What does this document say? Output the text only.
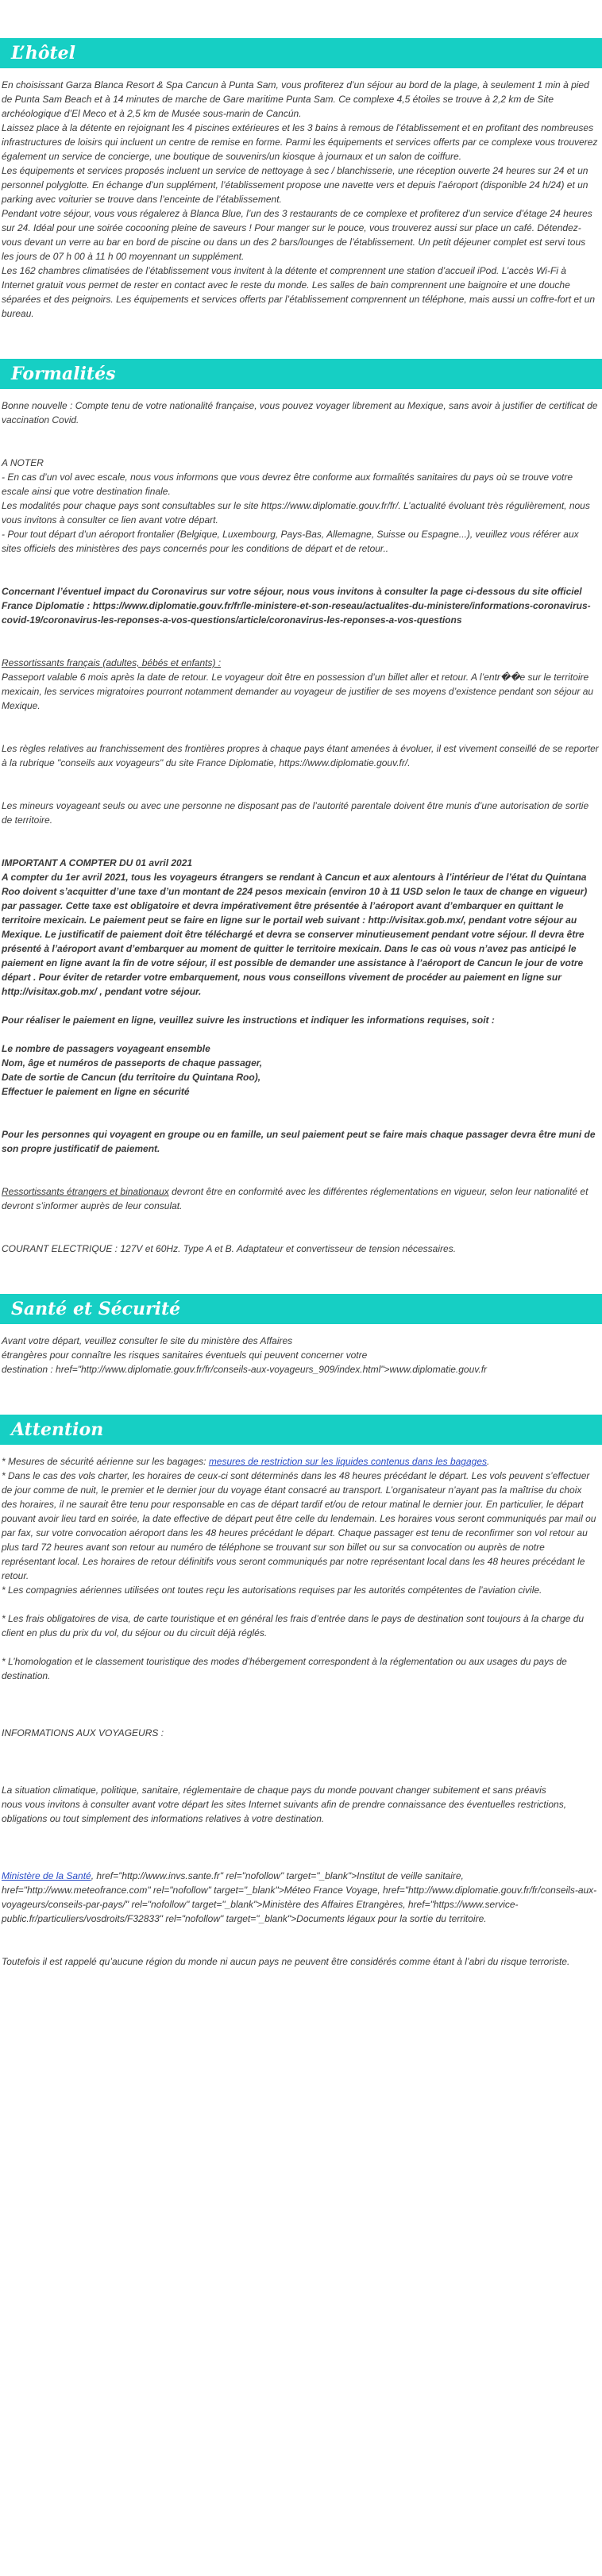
L’hôtel

En choisissant Garza Blanca Resort & Spa Cancun à Punta Sam, vous profiterez d’un séjour au bord de la plage, à seulement 1 min à pied de Punta Sam Beach et à 14 minutes de marche de Gare maritime Punta Sam. Ce complexe 4,5 étoiles se trouve à 2,2 km de Site archéologique d’El Meco et à 2,5 km de Musée sous-marin de Cancún.

Laissez place à la détente en rejoignant les 4 piscines extérieures et les 3 bains à remous de l’établissement et en profitant des nombreuses infrastructures de loisirs qui incluent un centre de remise en forme. Parmi les équipements et services offerts par ce complexe vous trouverez également un service de concierge, une boutique de souvenirs/un kiosque à journaux et un salon de coiffure.

Les équipements et services proposés incluent un service de nettoyage à sec / blanchisserie, une réception ouverte 24 heures sur 24 et un personnel polyglotte. En échange d’un supplément, l’établissement propose une navette vers et depuis l’aéroport (disponible 24 h/24) et un parking avec voiturier se trouve dans l’enceinte de l’établissement.

Pendant votre séjour, vous vous régalerez à Blanca Blue, l’un des 3 restaurants de ce complexe et profiterez d’un service d’étage 24 heures sur 24. Idéal pour une soirée cocooning pleine de saveurs ! Pour manger sur le pouce, vous trouverez aussi sur place un café. Détendez-vous devant un verre au bar en bord de piscine ou dans un des 2 bars/lounges de l’établissement. Un petit déjeuner complet est servi tous les jours de 07 h 00 à 11 h 00 moyennant un supplément.

Les 162 chambres climatisées de l’établissement vous invitent à la détente et comprennent une station d’accueil iPod. L’accès Wi-Fi à Internet gratuit vous permet de rester en contact avec le reste du monde. Les salles de bain comprennent une baignoire et une douche séparées et des peignoirs. Les équipements et services offerts par l’établissement comprennent un téléphone, mais aussi un coffre-fort et un bureau.

Formalités

Bonne nouvelle : Compte tenu de votre nationalité française, vous pouvez voyager librement au Mexique, sans avoir à justifier de certificat de vaccination Covid.

A NOTER

- En cas d’un vol avec escale, nous vous informons que vous devrez être conforme aux formalités sanitaires du pays où se trouve votre escale ainsi que votre destination finale.

Les modalités pour chaque pays sont consultables sur le site https://www.diplomatie.gouv.fr/fr/. L’actualité évoluant très régulièrement, nous vous invitons à consulter ce lien avant votre départ.

- Pour tout départ d’un aéroport frontalier (Belgique, Luxembourg, Pays-Bas, Allemagne, Suisse ou Espagne...), veuillez vous référer aux sites officiels des ministères des pays concernés pour les conditions de départ et de retour..

Concernant l’éventuel impact du Coronavirus sur votre séjour, nous vous invitons à consulter la page ci-dessous du site officiel France Diplomatie : https://www.diplomatie.gouv.fr/fr/le-ministere-et-son-reseau/actualites-du-ministere/informations-coronavirus-covid-19/coronavirus-les-reponses-a-vos-questions/article/coronavirus-les-reponses-a-vos-questions

Ressortissants français (adultes, bébés et enfants) :

Passeport valable 6 mois après la date de retour. Le voyageur doit être en possession d’un billet aller et retour. A l’entr��e sur le territoire mexicain, les services migratoires pourront notamment demander au voyageur de justifier de ses moyens d’existence pendant son séjour au Mexique.

Les règles relatives au franchissement des frontières propres à chaque pays étant amenées à évoluer, il est vivement conseillé de se reporter à la rubrique "conseils aux voyageurs" du site France Diplomatie, https://www.diplomatie.gouv.fr/.

Les mineurs voyageant seuls ou avec une personne ne disposant pas de l’autorité parentale doivent être munis d’une autorisation de sortie de territoire.

IMPORTANT A COMPTER DU 01 avril 2021

A compter du 1er avril 2021, tous les voyageurs étrangers se rendant à Cancun et aux alentours à l’intérieur de l’état du Quintana Roo doivent s’acquitter d’une taxe d’un montant de 224 pesos mexicain (environ 10 à 11 USD selon le taux de change en vigueur) par passager. Cette taxe est obligatoire et devra impérativement être présentée à l’aéroport avant d’embarquer en quittant le territoire mexicain. Le paiement peut se faire en ligne sur le portail web suivant : http://visitax.gob.mx/, pendant votre séjour au Mexique. Le justificatif de paiement doit être téléchargé et devra se conserver minutieusement pendant votre séjour. Il devra être présenté à l’aéroport avant d’embarquer au moment de quitter le territoire mexicain. Dans le cas où vous n’avez pas anticipé le paiement en ligne avant la fin de votre séjour, il est possible de demander une assistance à l’aéroport de Cancun le jour de votre départ . Pour éviter de retarder votre embarquement, nous vous conseillons vivement de procéder au paiement en ligne sur http://visitax.gob.mx/ , pendant votre séjour.

Pour réaliser le paiement en ligne, veuillez suivre les instructions et indiquer les informations requises, soit :

Le nombre de passagers voyageant ensemble

Nom, âge et numéros de passeports de chaque passager,

Date de sortie de Cancun (du territoire du Quintana Roo),

Effectuer le paiement en ligne en sécurité

Pour les personnes qui voyagent en groupe ou en famille, un seul paiement peut se faire mais chaque passager devra être muni de son propre justificatif de paiement.

Ressortissants étrangers et binationaux devront être en conformité avec les différentes réglementations en vigueur, selon leur nationalité et devront s’informer auprès de leur consulat.

COURANT ELECTRIQUE : 127V et 60Hz. Type A et B. Adaptateur et convertisseur de tension nécessaires.

Santé et Sécurité

Avant votre départ, veuillez consulter le site du ministère des Affaires

étrangères pour connaître les risques sanitaires éventuels qui peuvent concerner votre

destination : href="http://www.diplomatie.gouv.fr/fr/conseils-aux-voyageurs_909/index.html">www.diplomatie.gouv.fr

Attention

* Mesures de sécurité aérienne sur les bagages: mesures de restriction sur les liquides contenus dans les bagages.

* Dans le cas des vols charter, les horaires de ceux-ci sont déterminés dans les 48 heures précédant le départ. Les vols peuvent s’effectuer de jour comme de nuit, le premier et le dernier jour du voyage étant consacré au transport. L’organisateur n’ayant pas la maîtrise du choix des horaires, il ne saurait être tenu pour responsable en cas de départ tardif et/ou de retour matinal le dernier jour. En particulier, le départ pouvant avoir lieu tard en soirée, la date effective de départ peut être celle du lendemain. Les horaires vous seront communiqués par mail ou par fax, sur votre convocation aéroport dans les 48 heures précédant le départ. Chaque passager est tenu de reconfirmer son vol retour au plus tard 72 heures avant son retour au numéro de téléphone se trouvant sur son billet ou sur sa convocation ou auprès de notre représentant local. Les horaires de retour définitifs vous seront communiqués par notre représentant local dans les 48 heures précédant le retour.

* Les compagnies aériennes utilisées ont toutes reçu les autorisations requises par les autorités compétentes de l’aviation civile.

* Les frais obligatoires de visa, de carte touristique et en général les frais d’entrée dans le pays de destination sont toujours à la charge du client en plus du prix du vol, du séjour ou du circuit déjà réglés.

* L’homologation et le classement touristique des modes d’hébergement correspondent à la réglementation ou aux usages du pays de destination.

INFORMATIONS AUX VOYAGEURS :

La situation climatique, politique, sanitaire, réglementaire de chaque pays du monde pouvant changer subitement et sans préavis

nous vous invitons à consulter avant votre départ les sites Internet suivants afin de prendre connaissance des éventuelles restrictions, obligations ou tout simplement des informations relatives à votre destination.

Ministère de la Santé, href="http://www.invs.sante.fr" rel="nofollow" target="_blank">Institut de veille sanitaire, href="http://www.meteofrance.com" rel="nofollow" target="_blank">Méteo France Voyage, href="http://www.diplomatie.gouv.fr/fr/conseils-aux-voyageurs/conseils-par-pays/" rel="nofollow" target="_blank">Ministère des Affaires Etrangères, href="https://www.service-public.fr/particuliers/vosdroits/F32833" rel="nofollow" target="_blank">Documents légaux pour la sortie du territoire.

Toutefois il est rappelé qu’aucune région du monde ni aucun pays ne peuvent être considérés comme étant à l’abri du risque terroriste.
